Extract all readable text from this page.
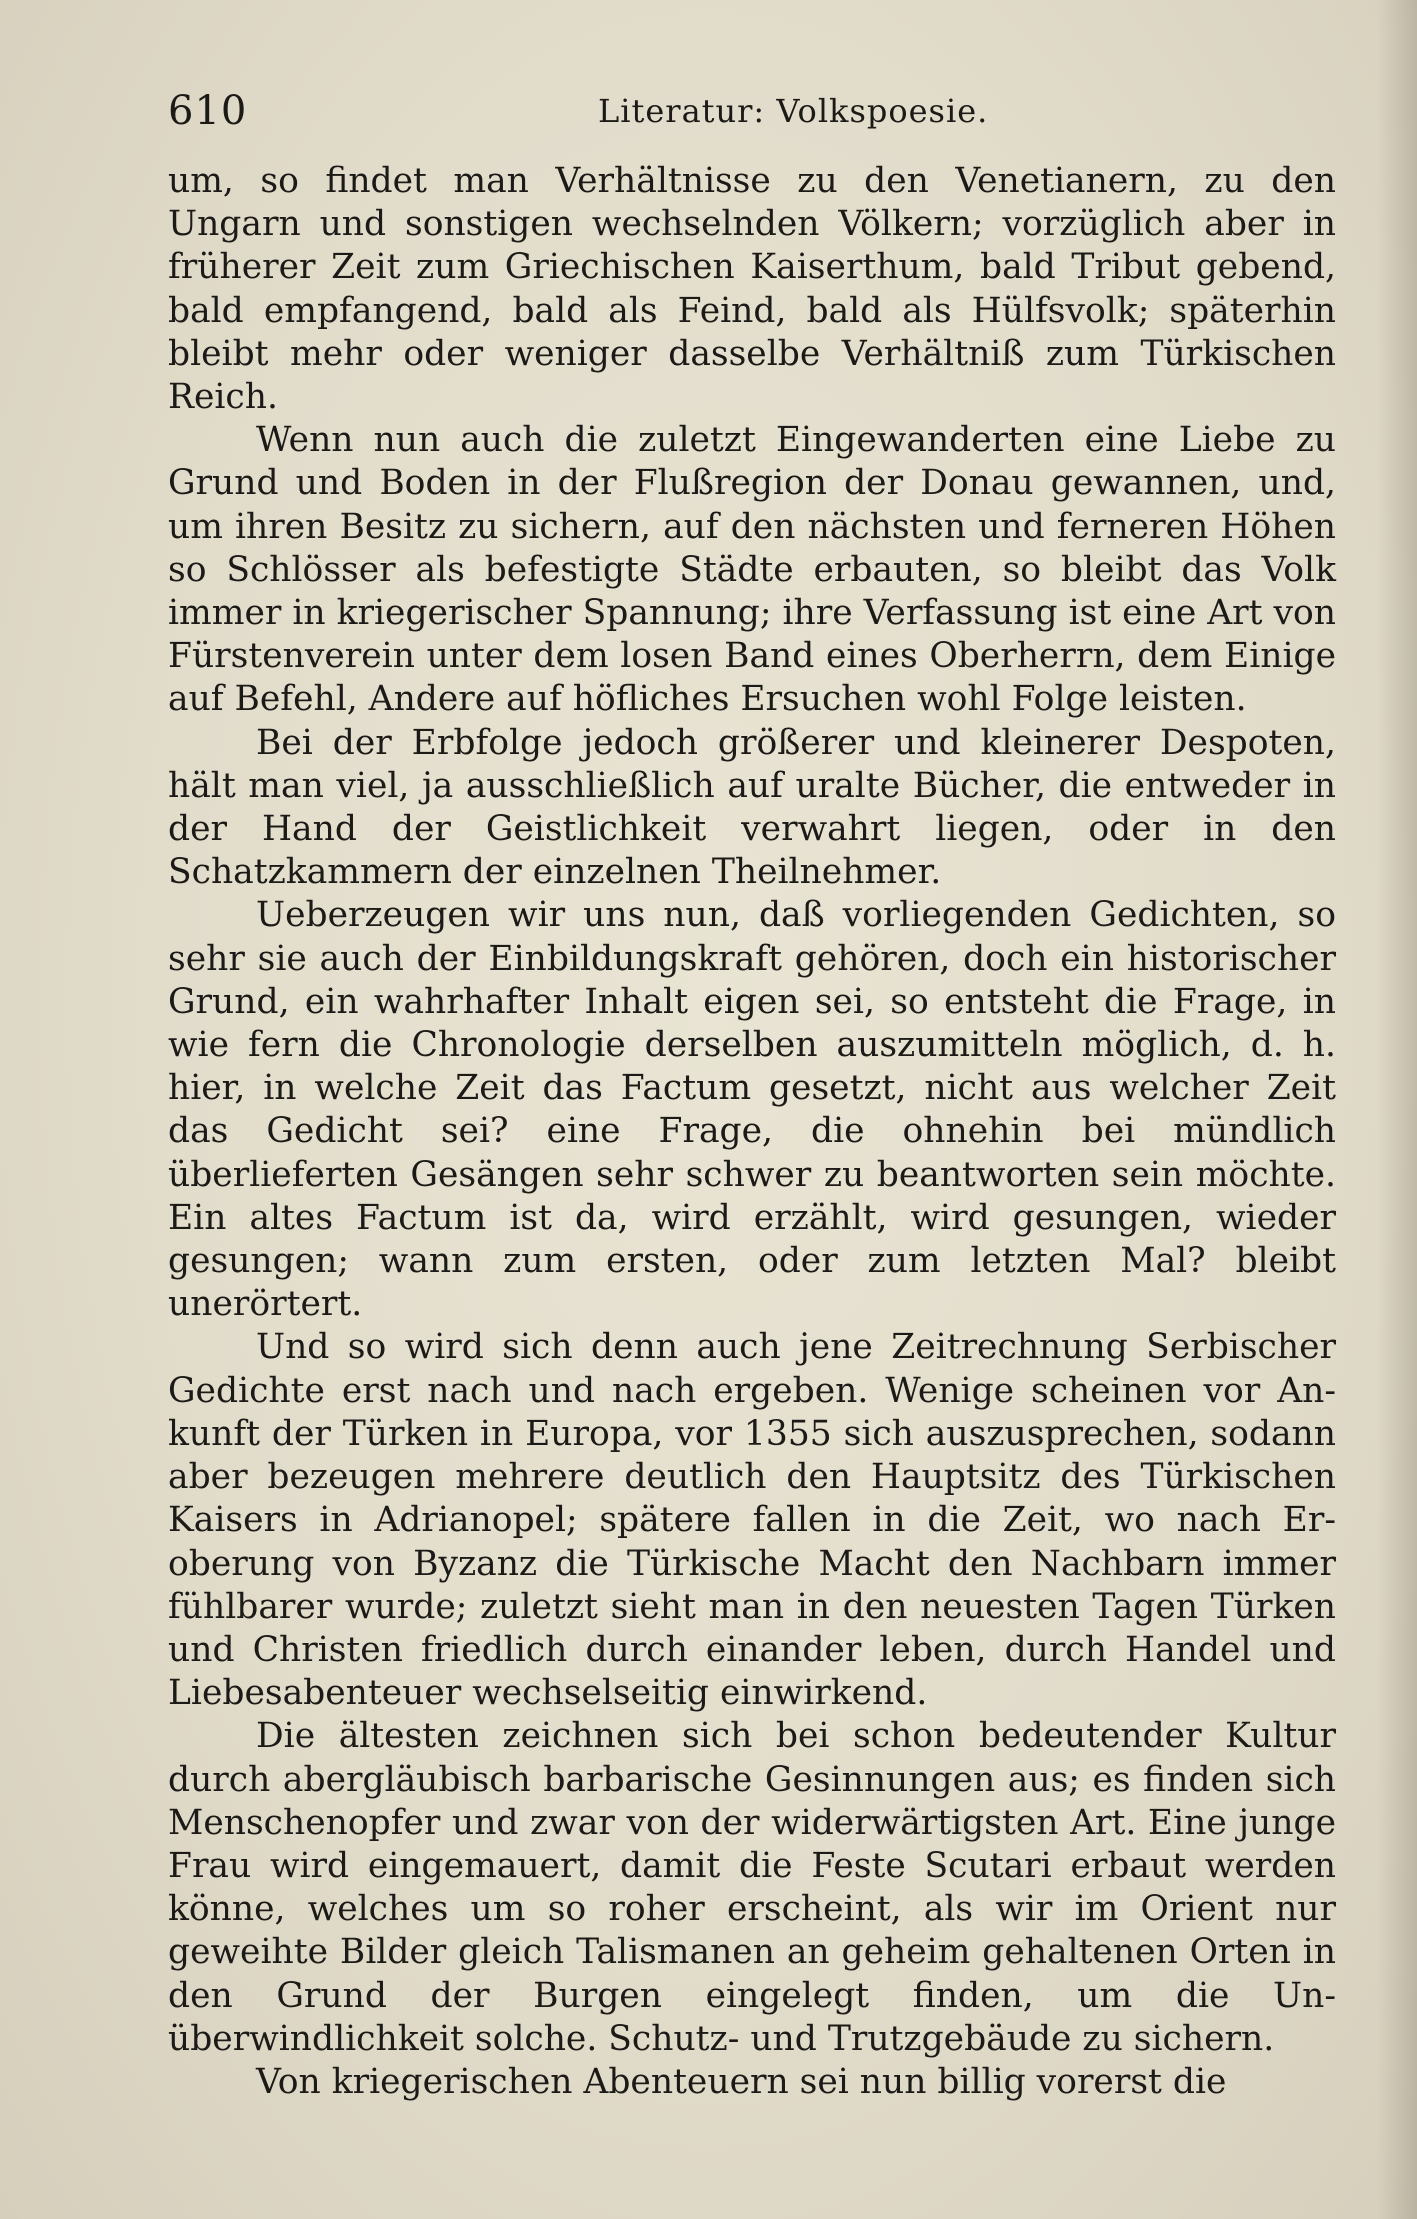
610	Literatur: Volkspoesie.

um, so findet man Verhältnisse zu den Venetianern, zu den Ungarn und sonstigen wechselnden Völkern; vorzüglich aber in früherer Zeit zum Griechischen Kaiserthum, bald Tribut gebend, bald empfangend, bald als Feind, bald als Hülfsvolk; späterhin bleibt mehr oder weniger dasselbe Verhältniß zum Türkischen Reich.

Wenn nun auch die zuletzt Eingewanderten eine Liebe zu Grund und Boden in der Flußregion der Donau gewannen, und, um ihren Besitz zu sichern, auf den nächsten und ferneren Höhen so Schlösser als befestigte Städte erbauten, so bleibt das Volk immer in kriegerischer Spannung; ihre Verfassung ist eine Art von Fürstenverein unter dem losen Band eines Oberherrn, dem Einige auf Befehl, Andere auf höfliches Ersuchen wohl Folge leisten.

Bei der Erbfolge jedoch größerer und kleinerer Despoten, hält man viel, ja ausschließlich auf uralte Bücher, die entweder in der Hand der Geistlichkeit verwahrt liegen, oder in den Schatzkammern der einzelnen Theilnehmer.

Ueberzeugen wir uns nun, daß vorliegenden Gedichten, so sehr sie auch der Einbildungskraft gehören, doch ein historischer Grund, ein wahrhafter Inhalt eigen sei, so entsteht die Frage, in wie fern die Chronologie derselben auszumitteln möglich, d. h. hier, in welche Zeit das Factum gesetzt, nicht aus welcher Zeit das Gedicht sei? eine Frage, die ohnehin bei mündlich überlieferten Gesängen sehr schwer zu beantworten sein möchte. Ein altes Factum ist da, wird erzählt, wird gesungen, wieder gesungen; wann zum ersten, oder zum letzten Mal? bleibt unerörtert.

Und so wird sich denn auch jene Zeitrechnung Serbischer Gedichte erst nach und nach ergeben. Wenige scheinen vor Ankunft der Türken in Europa, vor 1355 sich auszusprechen, sodann aber bezeugen mehrere deutlich den Hauptsitz des Türkischen Kaisers in Adrianopel; spätere fallen in die Zeit, wo nach Eroberung von Byzanz die Türkische Macht den Nachbarn immer fühlbarer wurde; zuletzt sieht man in den neuesten Tagen Türken und Christen friedlich durch einander leben, durch Handel und Liebesabenteuer wechselseitig einwirkend.

Die ältesten zeichnen sich bei schon bedeutender Kultur durch abergläubisch barbarische Gesinnungen aus; es finden sich Menschenopfer und zwar von der widerwärtigsten Art. Eine junge Frau wird eingemauert, damit die Feste Scutari erbaut werden könne, welches um so roher erscheint, als wir im Orient nur geweihte Bilder gleich Talismanen an geheim gehaltenen Orten in den Grund der Burgen eingelegt finden, um die Unüberwindlichkeit solche. Schutz- und Trutzgebäude zu sichern.

Von kriegerischen Abenteuern sei nun billig vorerst die
